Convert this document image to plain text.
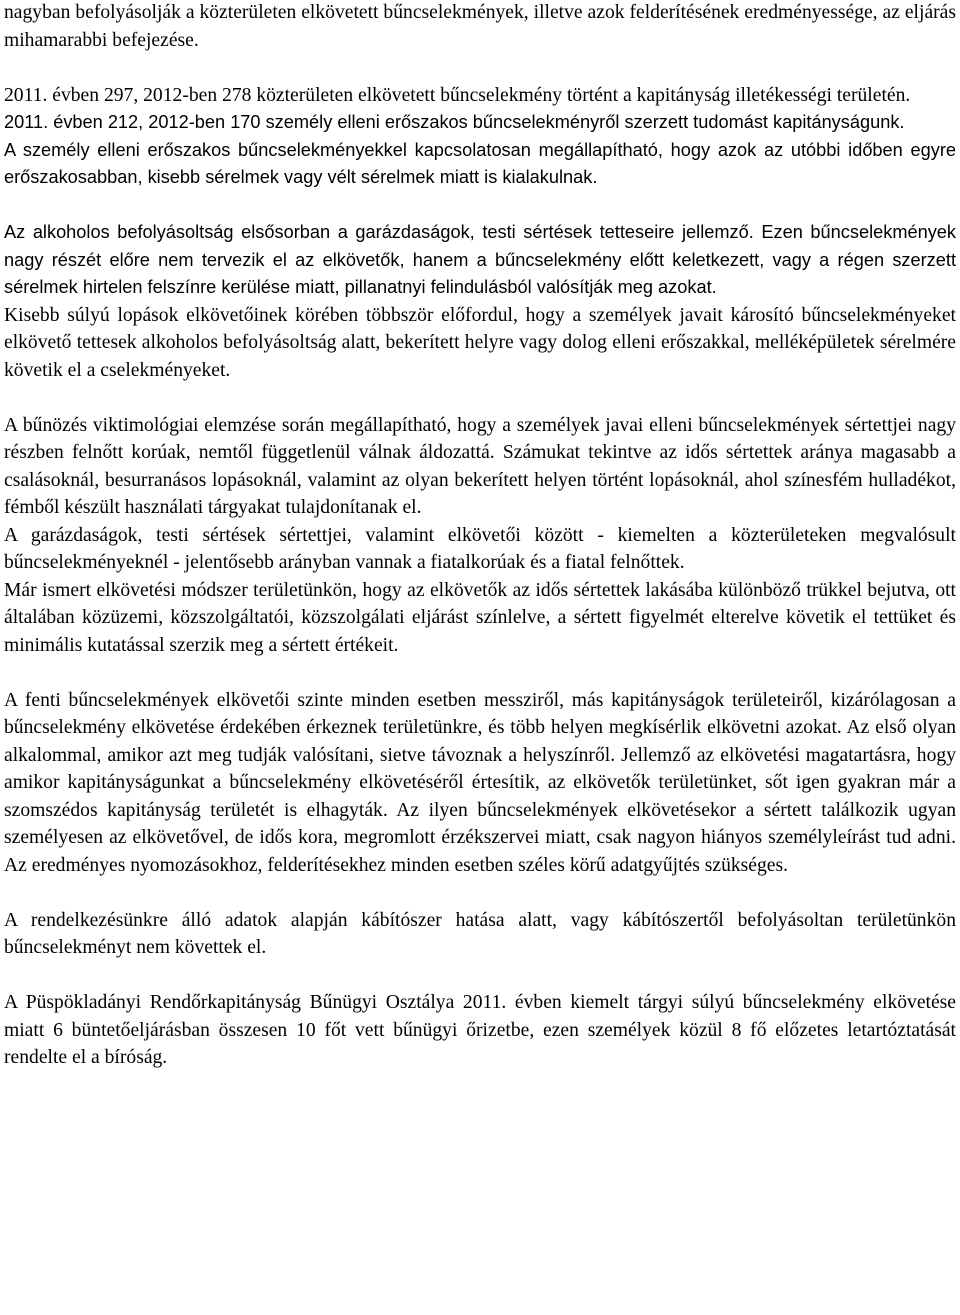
nagyban befolyásolják a közterületen elkövetett bűncselekmények, illetve azok felderítésének eredményessége, az eljárás mihamarabbi befejezése.

2011. évben 297, 2012-ben 278 közterületen elkövetett bűncselekmény történt a kapitányság illetékességi területén.

2011. évben 212, 2012-ben 170 személy elleni erőszakos bűncselekményről szerzett tudomást kapitányságunk.

A személy elleni erőszakos bűncselekményekkel kapcsolatosan megállapítható, hogy azok az utóbbi időben egyre erőszakosabban, kisebb sérelmek vagy vélt sérelmek miatt is kialakulnak.

Az alkoholos befolyásoltság elsősorban a garázdaságok, testi sértések tetteseire jellemző. Ezen bűncselekmények nagy részét előre nem tervezik el az elkövetők, hanem a bűncselekmény előtt keletkezett, vagy a régen szerzett sérelmek hirtelen felszínre kerülése miatt, pillanatnyi felindulásból valósítják meg azokat.

Kisebb súlyú lopások elkövetőinek körében többször előfordul, hogy a személyek javait károsító bűncselekményeket elkövető tettesek alkoholos befolyásoltság alatt, bekerített helyre vagy dolog elleni erőszakkal, melléképületek sérelmére követik el a cselekményeket.

A bűnözés viktimológiai elemzése során megállapítható, hogy a személyek javai elleni bűncselekmények sértettjei nagy részben felnőtt korúak, nemtől függetlenül válnak áldozattá. Számukat tekintve az idős sértettek aránya magasabb a csalásoknál, besurranásos lopásoknál, valamint az olyan bekerített helyen történt lopásoknál, ahol színesfém hulladékot, fémből készült használati tárgyakat tulajdonítanak el.

A garázdaságok, testi sértések sértettjei, valamint elkövetői között - kiemelten a közterületeken megvalósult bűncselekményeknél - jelentősebb arányban vannak a fiatalkorúak és a fiatal felnőttek.

Már ismert elkövetési módszer területünkön, hogy az elkövetők az idős sértettek lakásába különböző trükkel bejutva, ott általában közüzemi, közszolgáltatói, közszolgálati eljárást színlelve, a sértett figyelmét elterelve követik el tettüket és minimális kutatással szerzik meg a sértett értékeit.

A fenti bűncselekmények elkövetői szinte minden esetben messziről, más kapitányságok területeiről, kizárólagosan a bűncselekmény elkövetése érdekében érkeznek területünkre, és több helyen megkísérlik elkövetni azokat. Az első olyan alkalommal, amikor azt meg tudják valósítani, sietve távoznak a helyszínről. Jellemző az elkövetési magatartásra, hogy amikor kapitányságunkat a bűncselekmény elkövetéséről értesítik, az elkövetők területünket, sőt igen gyakran már a szomszédos kapitányság területét is elhagyták. Az ilyen bűncselekmények elkövetésekor a sértett találkozik ugyan személyesen az elkövetővel, de idős kora, megromlott érzékszervei miatt, csak nagyon hiányos személyleírást tud adni. Az eredményes nyomozásokhoz, felderítésekhez minden esetben széles körű adatgyűjtés szükséges.

A rendelkezésünkre álló adatok alapján kábítószer hatása alatt, vagy kábítószertől befolyásoltan területünkön bűncselekményt nem követtek el.

A Püspökladányi Rendőrkapitányság Bűnügyi Osztálya 2011. évben kiemelt tárgyi súlyú bűncselekmény elkövetése miatt 6 büntetőeljárásban összesen 10 főt vett bűnügyi őrizetbe, ezen személyek közül 8 fő előzetes letartóztatását rendelte el a bíróság.
